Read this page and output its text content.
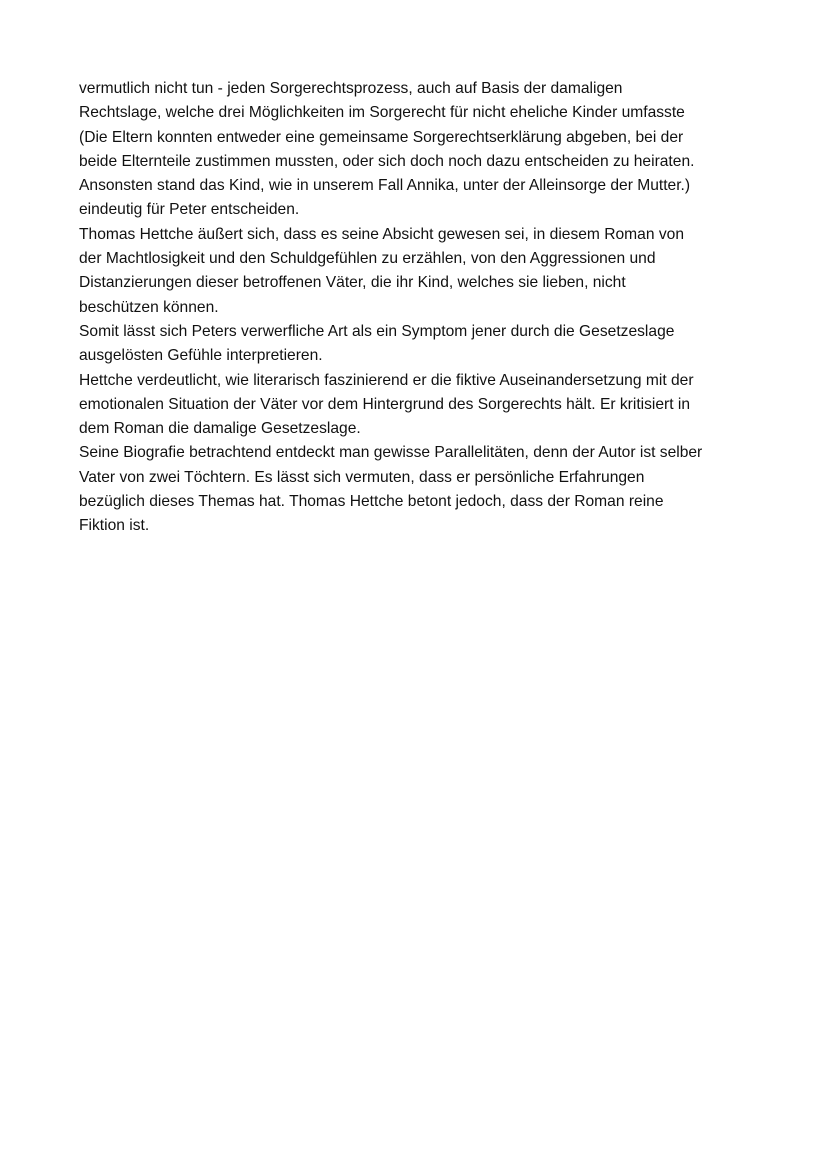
vermutlich nicht tun - jeden Sorgerechtsprozess, auch auf Basis der damaligen
Rechtslage, welche drei Möglichkeiten im Sorgerecht für nicht eheliche Kinder umfasste
(Die Eltern konnten entweder eine gemeinsame Sorgerechtserklärung abgeben, bei der
beide Elternteile zustimmen mussten, oder sich doch noch dazu entscheiden zu heiraten.
Ansonsten stand das Kind, wie in unserem Fall Annika, unter der Alleinsorge der Mutter.)
eindeutig für Peter entscheiden.
Thomas Hettche äußert sich, dass es seine Absicht gewesen sei, in diesem Roman von
der Machtlosigkeit und den Schuldgefühlen zu erzählen, von den Aggressionen und
Distanzierungen dieser betroffenen Väter, die ihr Kind, welches sie lieben, nicht
beschützen können.
Somit lässt sich Peters verwerfliche Art als ein Symptom jener durch die Gesetzeslage
ausgelösten Gefühle interpretieren.
Hettche verdeutlicht, wie literarisch faszinierend er die fiktive Auseinandersetzung mit der
emotionalen Situation der Väter vor dem Hintergrund des Sorgerechts hält. Er kritisiert in
dem Roman die damalige Gesetzeslage.
Seine Biografie betrachtend entdeckt man gewisse Parallelitäten, denn der Autor ist selber
Vater von zwei Töchtern. Es lässt sich vermuten, dass er persönliche Erfahrungen
bezüglich dieses Themas hat. Thomas Hettche betont jedoch, dass der Roman reine
Fiktion ist.
